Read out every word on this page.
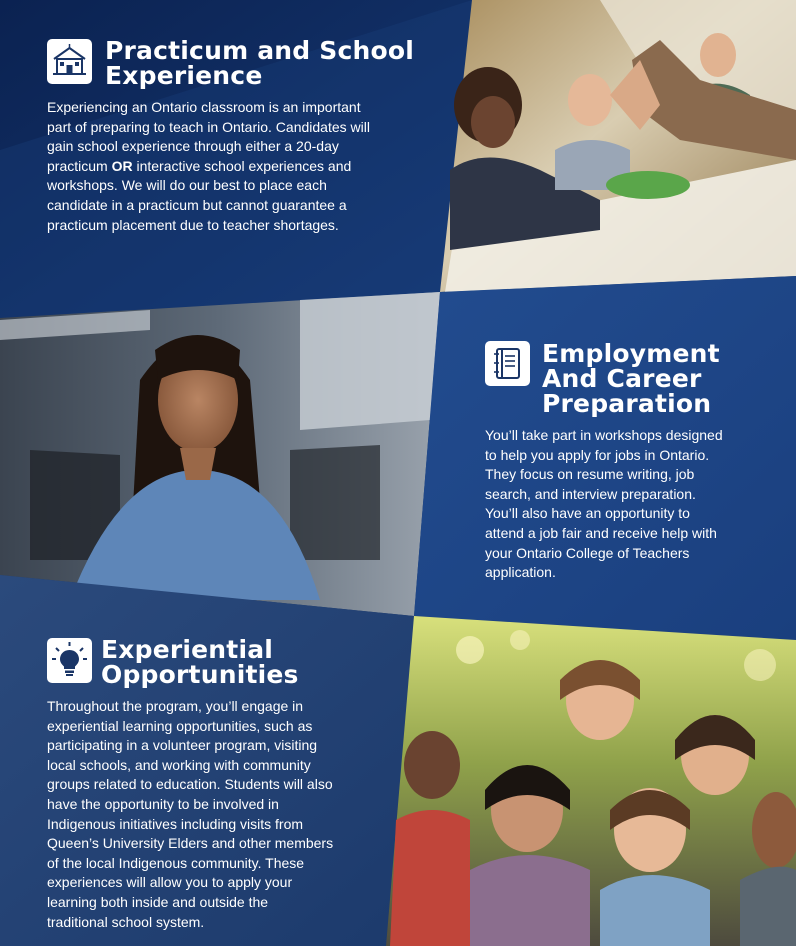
Practicum and School
Experience
Experiencing an Ontario classroom is an important
part of preparing to teach in Ontario. Candidates will
gain school experience through either a 20-day
practicum OR interactive school experiences and
workshops. We will do our best to place each
candidate in a practicum but cannot guarantee a
practicum placement due to teacher shortages.
Employment
And Career
Preparation
You’ll take part in workshops designed
to help you apply for jobs in Ontario.
They focus on resume writing, job
search, and interview preparation.
You’ll also have an opportunity to
attend a job fair and receive help with
your Ontario College of Teachers
application.
Experiential
Opportunities
Throughout the program, you’ll engage in
experiential learning opportunities, such as
participating in a volunteer program, visiting
local schools, and working with community
groups related to education. Students will also
have the opportunity to be involved in
Indigenous initiatives including visits from
Queen’s University Elders and other members
of the local Indigenous community. These
experiences will allow you to apply your
learning both inside and outside the
traditional school system.
